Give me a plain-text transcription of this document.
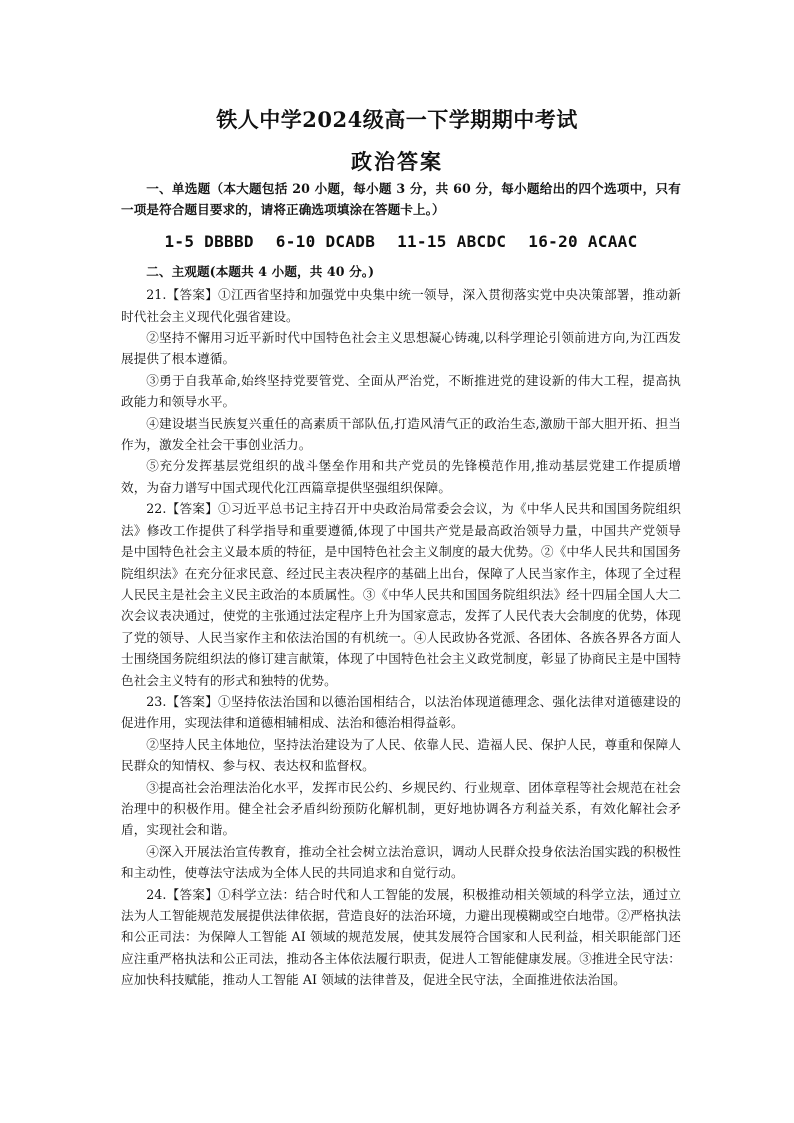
铁人中学2024级高一下学期期中考试
政治答案

一、单选题（本大题包括 20 小题，每小题 3 分，共 60 分，每小题给出的四个选项中，只有一项是符合题目要求的，请将正确选项填涂在答题卡上。）

1-5 DBBBD 6-10 DCADB 11-15 ABCDC 16-20 ACAAC

二、主观题(本题共 4 小题，共 40 分。)

21.【答案】①江西省坚持和加强党中央集中统一领导，深入贯彻落实党中央决策部署，推动新时代社会主义现代化强省建设。

②坚持不懈用习近平新时代中国特色社会主义思想凝心铸魂,以科学理论引领前进方向,为江西发展提供了根本遵循。

③勇于自我革命,始终坚持党要管党、全面从严治党，不断推进党的建设新的伟大工程，提高执政能力和领导水平。

④建设堪当民族复兴重任的高素质干部队伍,打造风清气正的政治生态,激励干部大胆开拓、担当作为，激发全社会干事创业活力。

⑤充分发挥基层党组织的战斗堡垒作用和共产党员的先锋模范作用,推动基层党建工作提质增效，为奋力谱写中国式现代化江西篇章提供坚强组织保障。

22.【答案】①习近平总书记主持召开中央政治局常委会会议，为《中华人民共和国国务院组织法》修改工作提供了科学指导和重要遵循,体现了中国共产党是最高政治领导力量，中国共产党领导是中国特色社会主义最本质的特征，是中国特色社会主义制度的最大优势。②《中华人民共和国国务院组织法》在充分征求民意、经过民主表决程序的基础上出台，保障了人民当家作主，体现了全过程人民民主是社会主义民主政治的本质属性。③《中华人民共和国国务院组织法》经十四届全国人大二次会议表决通过，使党的主张通过法定程序上升为国家意志，发挥了人民代表大会制度的优势，体现了党的领导、人民当家作主和依法治国的有机统一。④人民政协各党派、各团体、各族各界各方面人士围绕国务院组织法的修订建言献策，体现了中国特色社会主义政党制度，彰显了协商民主是中国特色社会主义特有的形式和独特的优势。

23.【答案】①坚持依法治国和以德治国相结合，以法治体现道德理念、强化法律对道德建设的促进作用，实现法律和道德相辅相成、法治和德治相得益彰。

②坚持人民主体地位，坚持法治建设为了人民、依靠人民、造福人民、保护人民，尊重和保障人民群众的知情权、参与权、表达权和监督权。

③提高社会治理法治化水平，发挥市民公约、乡规民约、行业规章、团体章程等社会规范在社会治理中的积极作用。健全社会矛盾纠纷预防化解机制，更好地协调各方利益关系，有效化解社会矛盾，实现社会和谐。

④深入开展法治宣传教育，推动全社会树立法治意识，调动人民群众投身依法治国实践的积极性和主动性，使尊法守法成为全体人民的共同追求和自觉行动。

24.【答案】①科学立法：结合时代和人工智能的发展，积极推动相关领域的科学立法，通过立法为人工智能规范发展提供法律依据，营造良好的法治环境，力避出现模糊或空白地带。②严格执法和公正司法：为保障人工智能 AI 领域的规范发展，使其发展符合国家和人民利益，相关职能部门还应注重严格执法和公正司法，推动各主体依法履行职责，促进人工智能健康发展。③推进全民守法：应加快科技赋能，推动人工智能 AI 领域的法律普及，促进全民守法，全面推进依法治国。
